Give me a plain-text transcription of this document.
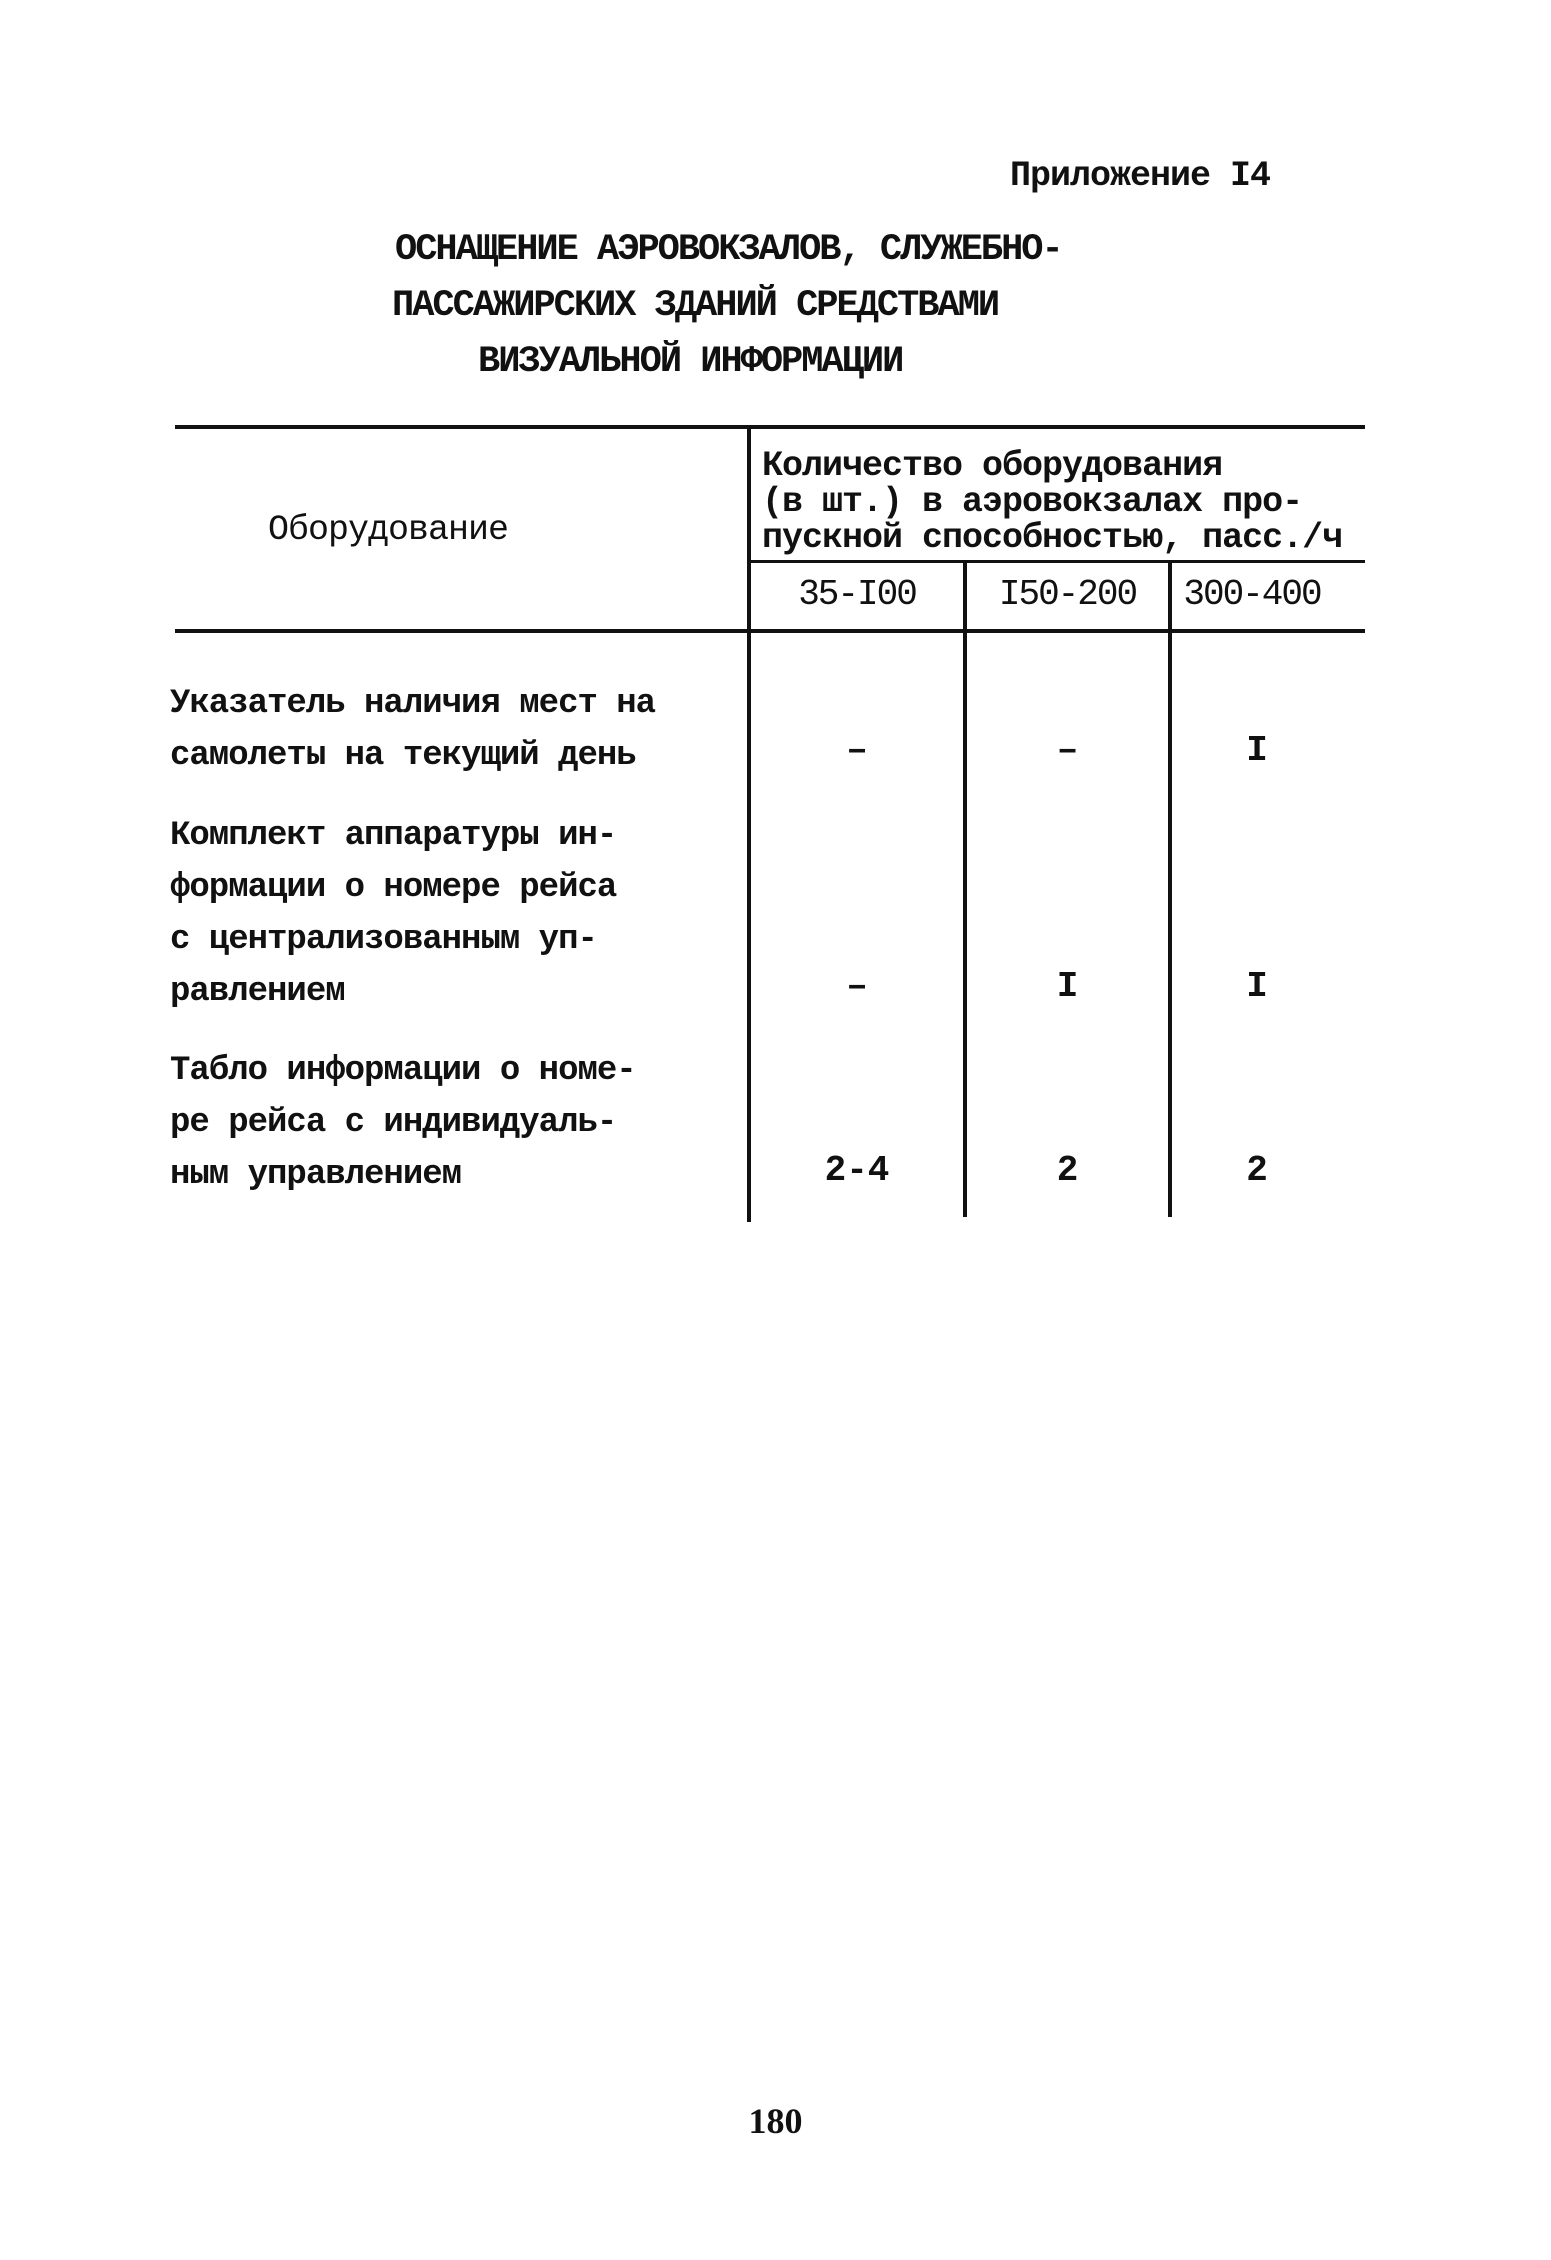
Приложение I4
ОСНАЩЕНИЕ АЭРОВОКЗАЛОВ, СЛУЖЕБНО-
ПАССАЖИРСКИХ ЗДАНИЙ СРЕДСТВАМИ
ВИЗУАЛЬНОЙ ИНФОРМАЦИИ
Оборудование
Количество оборудования
(в шт.) в аэровокзалах про-
пускной способностью, пасс./ч
35-I00	I50-200	300-400
Указатель наличия мест на
самолеты на текущий день	–	–	I
Комплект аппаратуры ин-
формации о номере рейса
с централизованным уп-
равлением	–	I	I
Табло информации о номе-
ре рейса с индивидуаль-
ным управлением	2-4	2	2
180
